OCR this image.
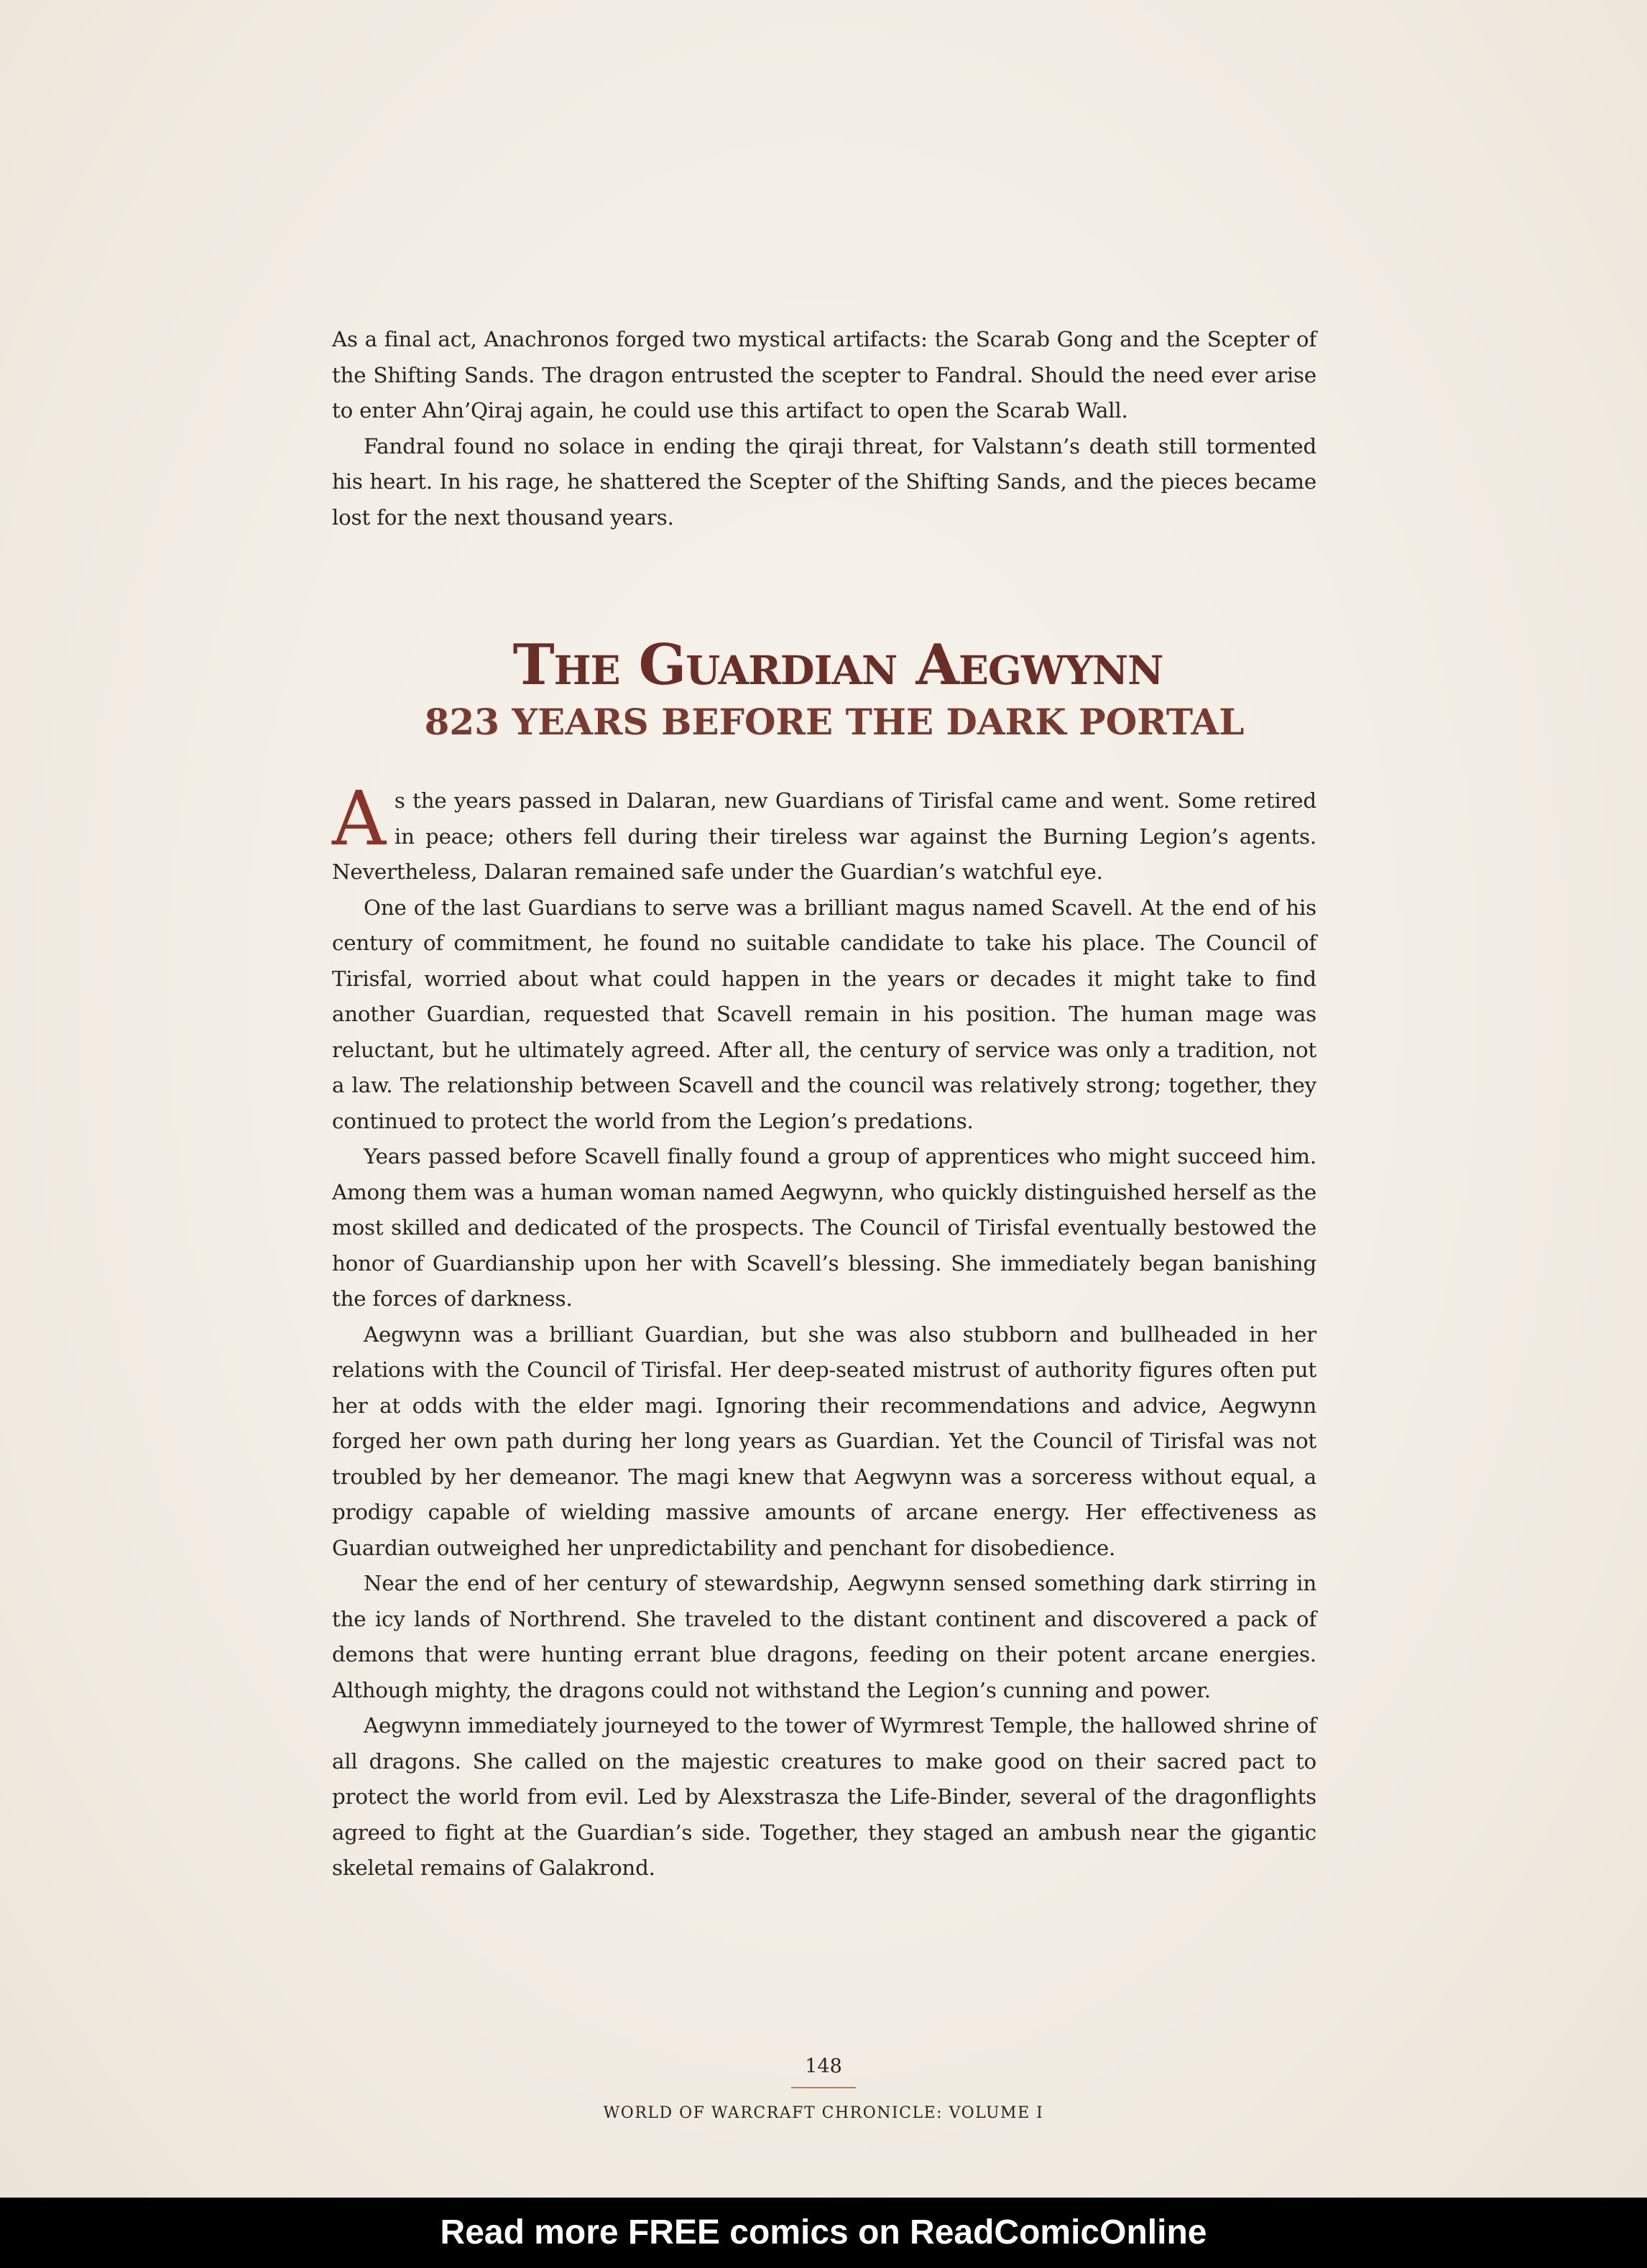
As a final act, Anachronos forged two mystical artifacts: the Scarab Gong and the Scepter of the Shifting Sands. The dragon entrusted the scepter to Fandral. Should the need ever arise to enter Ahn’Qiraj again, he could use this artifact to open the Scarab Wall.

Fandral found no solace in ending the qiraji threat, for Valstann’s death still tormented his heart. In his rage, he shattered the Scepter of the Shifting Sands, and the pieces became lost for the next thousand years.

The Guardian Aegwynn
823 YEARS BEFORE THE DARK PORTAL

As the years passed in Dalaran, new Guardians of Tirisfal came and went. Some retired in peace; others fell during their tireless war against the Burning Legion’s agents. Nevertheless, Dalaran remained safe under the Guardian’s watchful eye.

One of the last Guardians to serve was a brilliant magus named Scavell. At the end of his century of commitment, he found no suitable candidate to take his place. The Council of Tirisfal, worried about what could happen in the years or decades it might take to find another Guardian, requested that Scavell remain in his position. The human mage was reluctant, but he ultimately agreed. After all, the century of service was only a tradition, not a law. The relationship between Scavell and the council was relatively strong; together, they continued to protect the world from the Legion’s predations.

Years passed before Scavell finally found a group of apprentices who might succeed him. Among them was a human woman named Aegwynn, who quickly distinguished herself as the most skilled and dedicated of the prospects. The Council of Tirisfal eventually bestowed the honor of Guardianship upon her with Scavell’s blessing. She immediately began banishing the forces of darkness.

Aegwynn was a brilliant Guardian, but she was also stubborn and bullheaded in her relations with the Council of Tirisfal. Her deep-seated mistrust of authority figures often put her at odds with the elder magi. Ignoring their recommendations and advice, Aegwynn forged her own path during her long years as Guardian. Yet the Council of Tirisfal was not troubled by her demeanor. The magi knew that Aegwynn was a sorceress without equal, a prodigy capable of wielding massive amounts of arcane energy. Her effectiveness as Guardian outweighed her unpredictability and penchant for disobedience.

Near the end of her century of stewardship, Aegwynn sensed something dark stirring in the icy lands of Northrend. She traveled to the distant continent and discovered a pack of demons that were hunting errant blue dragons, feeding on their potent arcane energies. Although mighty, the dragons could not withstand the Legion’s cunning and power.

Aegwynn immediately journeyed to the tower of Wyrmrest Temple, the hallowed shrine of all dragons. She called on the majestic creatures to make good on their sacred pact to protect the world from evil. Led by Alexstrasza the Life-Binder, several of the dragonflights agreed to fight at the Guardian’s side. Together, they staged an ambush near the gigantic skeletal remains of Galakrond.

148
WORLD OF WARCRAFT CHRONICLE: VOLUME I
Read more FREE comics on ReadComicOnline
